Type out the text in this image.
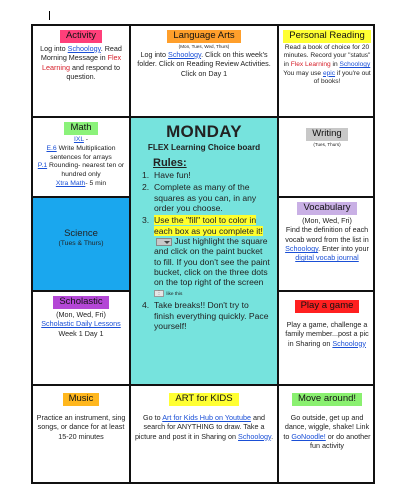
Activity
Log into Schoology. Read Morning Message in Flex Learning and respond to question.
Language Arts
(Mon, Tues, Wed, Thurs)
Log into Schoology. Click on this week's folder. Click on Reading Review Activities. Click on Day 1
Personal Reading
Read a book of choice for 20 minutes. Record your "status" in Flex Learning in Schoology You may use epic if you're out of books!
Math
IXL -
E.6 Write Multiplication sentences for arrays
P.1 Rounding- nearest ten or hundred only
Xtra Math- 5 min
MONDAY
FLEX Learning Choice board
Rules:
1. Have fun!
2. Complete as many of the squares as you can, in any order you choose.
3. Use the "fill" tool to color in each box as you complete it! Just highlight the square and click on the paint bucket to fill. If you don't see the paint bucket, click on the three dots on the top right of the screen
⋮ like this
4. Take breaks!! Don't try to finish everything quickly. Pace yourself!
Writing
(Tues, Thurs)
Science
(Tues & Thurs)
Vocabulary
(Mon, Wed, Fri)
Find the definition of each vocab word from the list in Schoology. Enter into your digital vocab journal
Scholastic
(Mon, Wed, Fri)
Scholastic Daily Lessons
Week 1 Day 1
Play a game
Play a game, challenge a family member...post a pic in Sharing on Schoology
Music
Practice an instrument, sing songs, or dance for at least 15-20 minutes
ART for KIDS
Go to Art for Kids Hub on Youtube and search for ANYTHING to draw. Take a picture and post it in Sharing on Schoology.
Move around!
Go outside, get up and dance, wiggle, shake! Link to GoNoodle! or do another fun activity
